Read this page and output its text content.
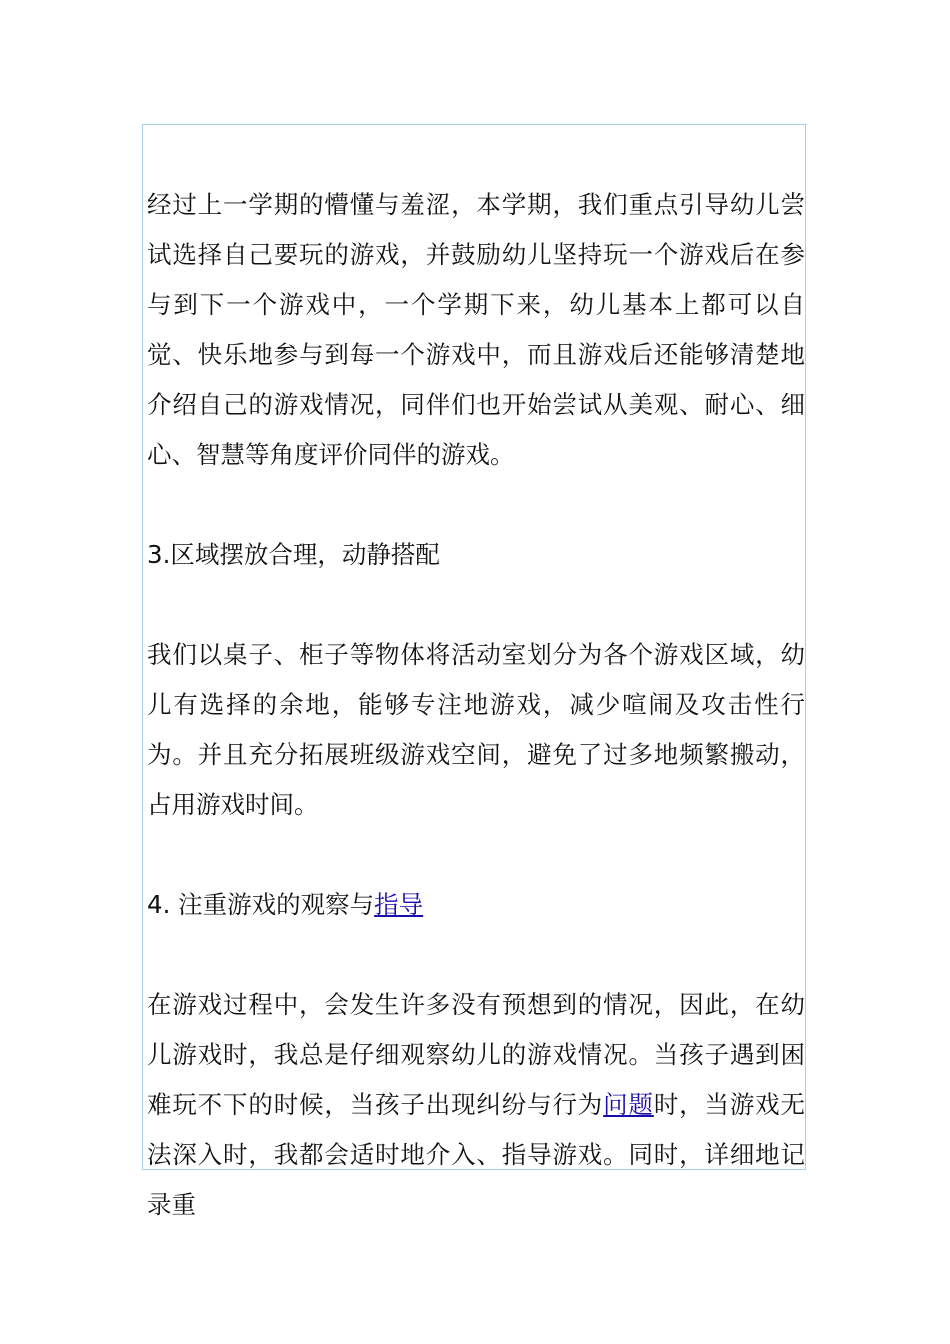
经过上一学期的懵懂与羞涩，本学期，我们重点引导幼儿尝试选择自己要玩的游戏，并鼓励幼儿坚持玩一个游戏后在参与到下一个游戏中，一个学期下来，幼儿基本上都可以自觉、快乐地参与到每一个游戏中，而且游戏后还能够清楚地介绍自己的游戏情况，同伴们也开始尝试从美观、耐心、细心、智慧等角度评价同伴的游戏。

3.区域摆放合理，动静搭配

我们以桌子、柜子等物体将活动室划分为各个游戏区域，幼儿有选择的余地，能够专注地游戏，减少喧闹及攻击性行为。并且充分拓展班级游戏空间，避免了过多地频繁搬动，占用游戏时间。

4. 注重游戏的观察与指导

在游戏过程中，会发生许多没有预想到的情况，因此，在幼儿游戏时，我总是仔细观察幼儿的游戏情况。当孩子遇到困难玩不下的时候，当孩子出现纠纷与行为问题时，当游戏无法深入时，我都会适时地介入、指导游戏。同时，详细地记录重
